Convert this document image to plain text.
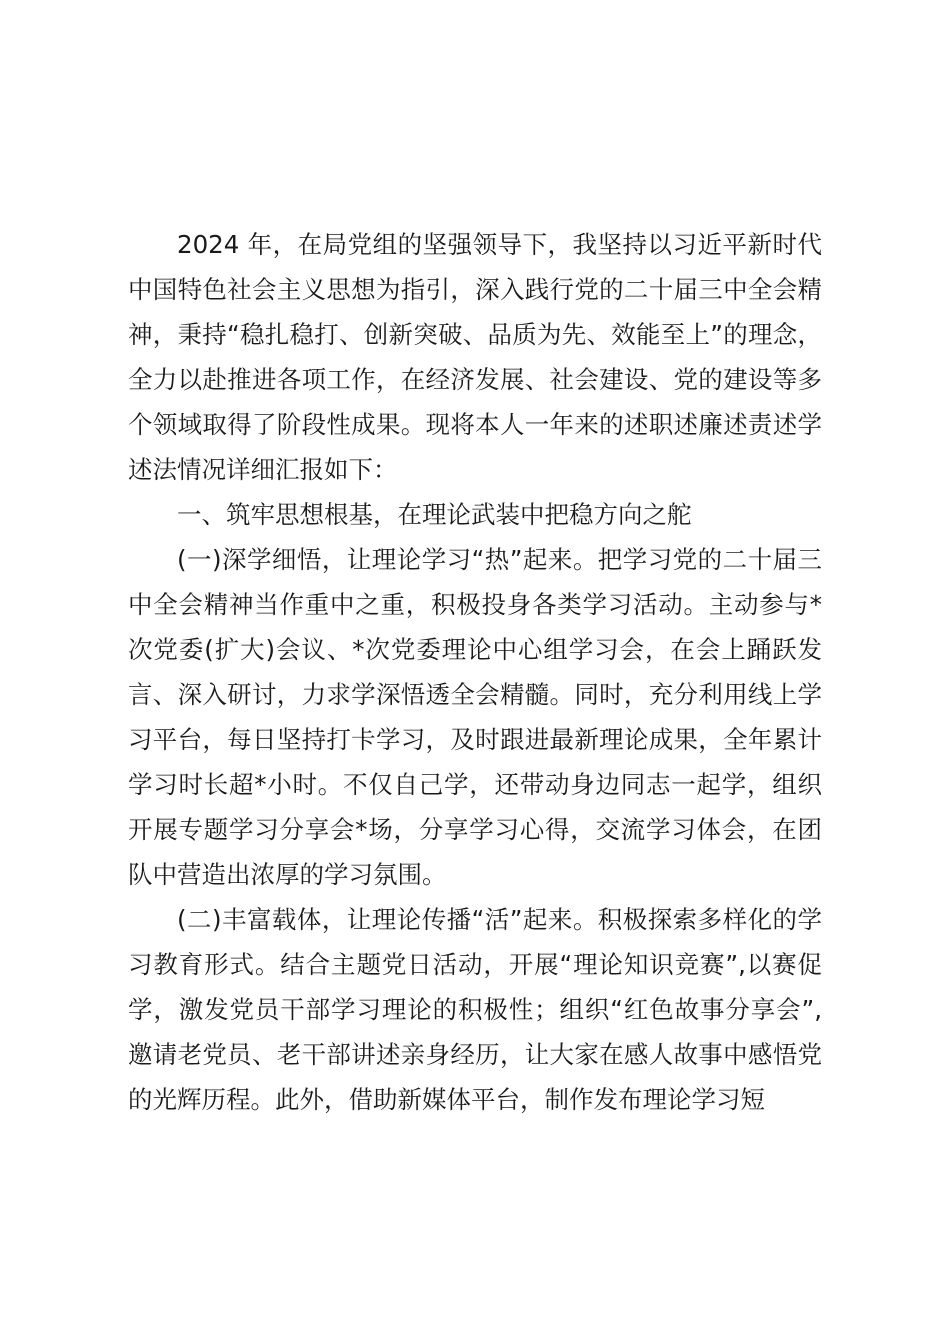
2024 年，在局党组的坚强领导下，我坚持以习近平新时代中国特色社会主义思想为指引，深入践行党的二十届三中全会精神，秉持“稳扎稳打、创新突破、品质为先、效能至上”的理念，全力以赴推进各项工作，在经济发展、社会建设、党的建设等多个领域取得了阶段性成果。现将本人一年来的述职述廉述责述学述法情况详细汇报如下：

一、筑牢思想根基，在理论武装中把稳方向之舵

(一)深学细悟，让理论学习“热”起来。把学习党的二十届三中全会精神当作重中之重，积极投身各类学习活动。主动参与*次党委(扩大)会议、*次党委理论中心组学习会，在会上踊跃发言、深入研讨，力求学深悟透全会精髓。同时，充分利用线上学习平台，每日坚持打卡学习，及时跟进最新理论成果，全年累计学习时长超*小时。不仅自己学，还带动身边同志一起学，组织开展专题学习分享会*场，分享学习心得，交流学习体会，在团队中营造出浓厚的学习氛围。

(二)丰富载体，让理论传播“活”起来。积极探索多样化的学习教育形式。结合主题党日活动，开展“理论知识竞赛”,以赛促学，激发党员干部学习理论的积极性；组织“红色故事分享会”,邀请老党员、老干部讲述亲身经历，让大家在感人故事中感悟党的光辉历程。此外，借助新媒体平台，制作发布理论学习短
